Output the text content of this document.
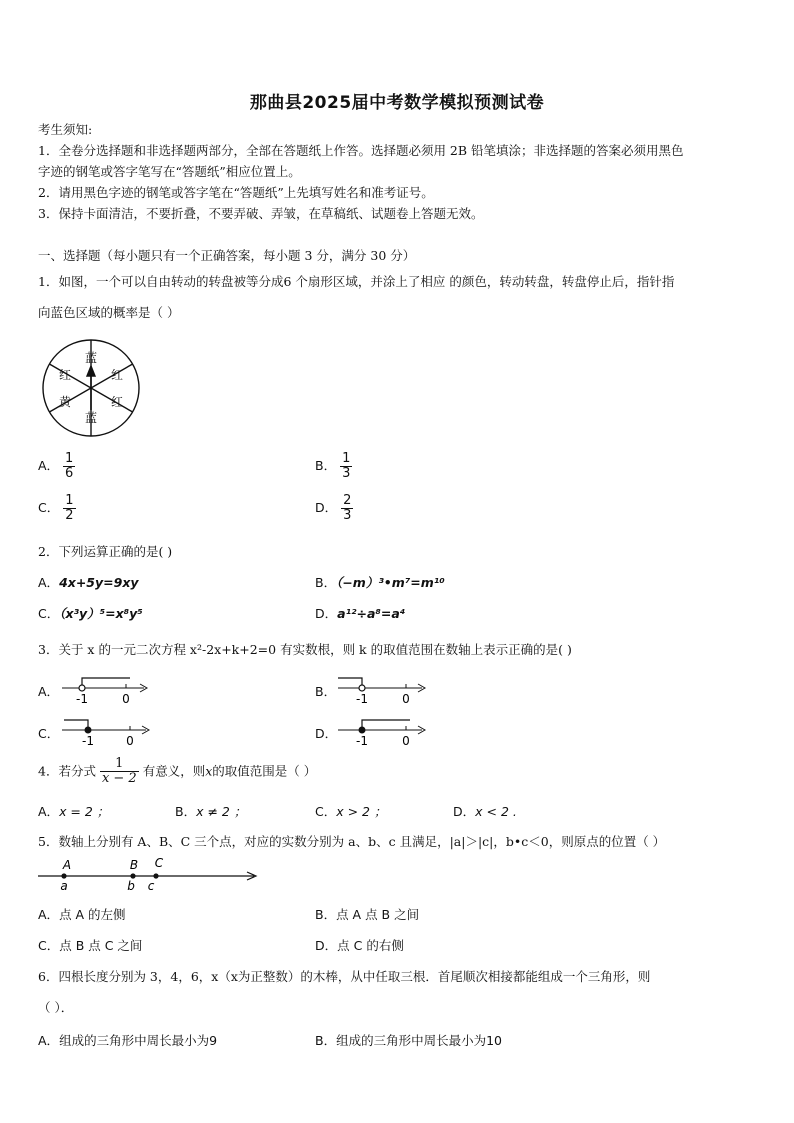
那曲县2025届中考数学模拟预测试卷
考生须知:
1．全卷分选择题和非选择题两部分，全部在答题纸上作答。选择题必须用 2B 铅笔填涂；非选择题的答案必须用黑色
字迹的钢笔或答字笔写在“答题纸”相应位置上。
2．请用黑色字迹的钢笔或答字笔在“答题纸”上先填写姓名和准考证号。
3．保持卡面清洁，不要折叠，不要弄破、弄皱，在草稿纸、试题卷上答题无效。
一、选择题（每小题只有一个正确答案，每小题 3 分，满分 30 分）
1．如图，一个可以自由转动的转盘被等分成6 个扇形区域，并涂上了相应 的颜色，转动转盘，转盘停止后，指针指
向蓝色区域的概率是（ ）
蓝
红
红
蓝
黄
红
A． $\frac{1}{6}$	B． $\frac{1}{3}$
C． $\frac{1}{2}$	D． $\frac{2}{3}$
2．下列运算正确的是( )
A．4x+5y=9xy	B．（−m）³•m⁷=m¹⁰
C．（x³y）⁵=x⁸y⁵	D．a¹²÷a⁸=a⁴
3．关于 x 的一元二次方程 x²-2x+k+2=0 有实数根，则 k 的取值范围在数轴上表示正确的是( )
A． -1	0	B． -1	0
C． -1	0	D． -1	0
4．若分式 $\frac{1}{x - 2}$ 有意义，则x的取值范围是（ ）
A．x = 2 ；	B．x ≠ 2 ；	C．x > 2 ；	D．x < 2 .
5．数轴上分别有 A、B、C 三个点，对应的实数分别为 a、b、c 且满足，|a|＞|c|，b•c＜0，则原点的位置（ ）
A	B C
a	b c
A．点 A 的左侧	B．点 A 点 B 之间
C．点 B 点 C 之间	D．点 C 的右侧
6．四根长度分别为 3，4，6，x（x为正整数）的木棒，从中任取三根．首尾顺次相接都能组成一个三角形，则
（ ）．
A．组成的三角形中周长最小为9	B．组成的三角形中周长最小为10
